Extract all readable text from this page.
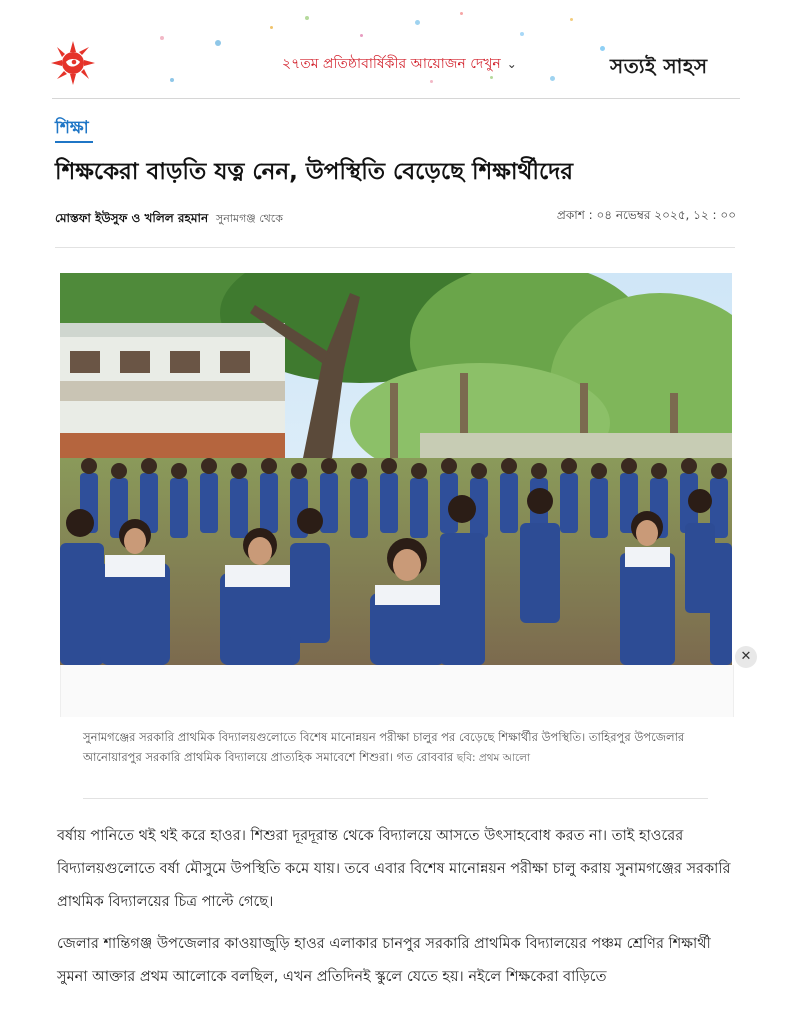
২৭তম প্রতিষ্ঠাবার্ষিকীর আয়োজন দেখুন ⌄	সত্যই সাহস
শিক্ষা
শিক্ষকেরা বাড়তি যত্ন নেন, উপস্থিতি বেড়েছে শিক্ষার্থীদের
মোস্তফা ইউসুফ ও খলিল রহমান সুনামগঞ্জ থেকে	প্রকাশ : ০৪ নভেম্বর ২০২৫, ১২ : ০০
✕
সুনামগঞ্জের সরকারি প্রাথমিক বিদ্যালয়গুলোতে বিশেষ মানোন্নয়ন পরীক্ষা চালুর পর বেড়েছে শিক্ষার্থীর উপস্থিতি। তাহিরপুর উপজেলার আনোয়ারপুর সরকারি প্রাথমিক বিদ্যালয়ে প্রাত্যহিক সমাবেশে শিশুরা। গত রোববার ছবি: প্রথম আলো

বর্ষায় পানিতে থই থই করে হাওর। শিশুরা দূরদূরান্ত থেকে বিদ্যালয়ে আসতে উৎসাহবোধ করত না। তাই হাওরের বিদ্যালয়গুলোতে বর্ষা মৌসুমে উপস্থিতি কমে যায়। তবে এবার বিশেষ মানোন্নয়ন পরীক্ষা চালু করায় সুনামগঞ্জের সরকারি প্রাথমিক বিদ্যালয়ের চিত্র পাল্টে গেছে।

জেলার শান্তিগঞ্জ উপজেলার কাওয়াজুড়ি হাওর এলাকার চানপুর সরকারি প্রাথমিক বিদ্যালয়ের পঞ্চম শ্রেণির শিক্ষার্থী সুমনা আক্তার প্রথম আলোকে বলছিল, এখন প্রতিদিনই স্কুলে যেতে হয়। নইলে শিক্ষকেরা বাড়িতে
